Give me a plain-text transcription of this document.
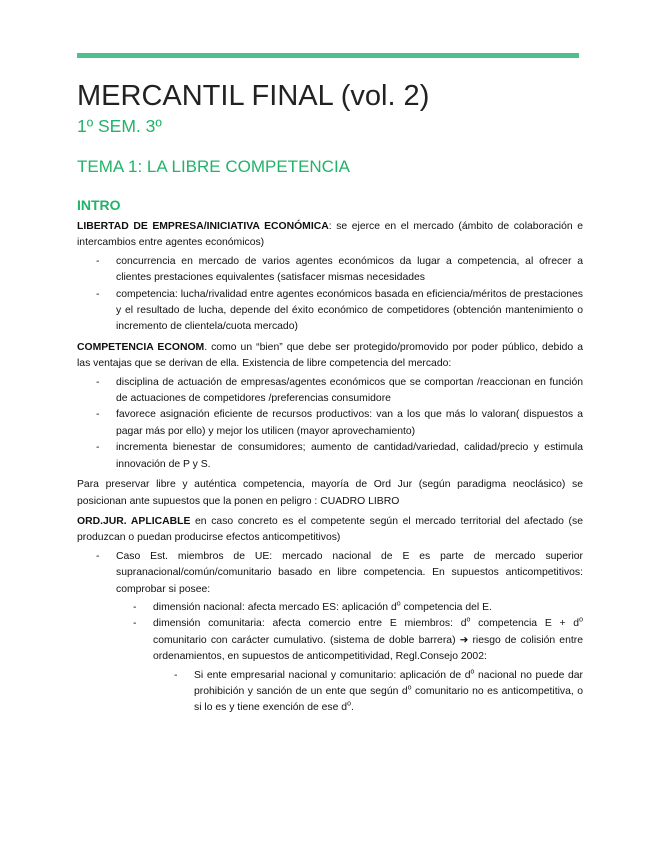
MERCANTIL FINAL (vol. 2)
1º SEM. 3º
TEMA 1: LA LIBRE COMPETENCIA
INTRO

LIBERTAD DE EMPRESA/INICIATIVA ECONÓMICA: se ejerce en el mercado (ámbito de colaboración e intercambios entre agentes económicos)

-	concurrencia en mercado de varios agentes económicos da lugar a competencia, al ofrecer a clientes prestaciones equivalentes (satisfacer mismas necesidades
-	competencia: lucha/rivalidad entre agentes económicos basada en eficiencia/méritos de prestaciones y el resultado de lucha, depende del éxito económico de competidores (obtención mantenimiento o incremento de clientela/cuota mercado)

COMPETENCIA ECONOM. como un “bien” que debe ser protegido/promovido por poder público, debido a las ventajas que se derivan de ella. Existencia de libre competencia del mercado:

-	disciplina de actuación de empresas/agentes económicos que se comportan /reaccionan en función de actuaciones de competidores /preferencias consumidore
-	favorece asignación eficiente de recursos productivos: van a los que más lo valoran( dispuestos a pagar más por ello) y mejor los utilicen (mayor aprovechamiento)
-	incrementa bienestar de consumidores; aumento de cantidad/variedad, calidad/precio y estimula innovación de P y S.

Para preservar libre y auténtica competencia, mayoría de Ord Jur (según paradigma neoclásico) se posicionan ante supuestos que la ponen en peligro : CUADRO LIBRO

ORD.JUR. APLICABLE en caso concreto es el competente según el mercado territorial del afectado (se produzcan o puedan producirse efectos anticompetitivos)

-	Caso Est. miembros de UE: mercado nacional de E es parte de mercado superior supranacional/común/comunitario basado en libre competencia. En supuestos anticompetitivos: comprobar si posee:
-	dimensión nacional: afecta mercado ES: aplicación $d^o$ competencia del E.
-	dimensión comunitaria: afecta comercio entre E miembros: $d^o$ competencia $E + d^o$ comunitario con carácter cumulativo. (sistema de doble barrera) ➜ riesgo de colisión entre ordenamientos, en supuestos de anticompetitividad, Regl.Consejo 2002:
-	Si ente empresarial nacional y comunitario: aplicación de $d^o$ nacional no puede dar prohibición y sanción de un ente que según $d^o$ comunitario no es anticompetitiva, o si lo es y tiene exención de ese $d^o$.
